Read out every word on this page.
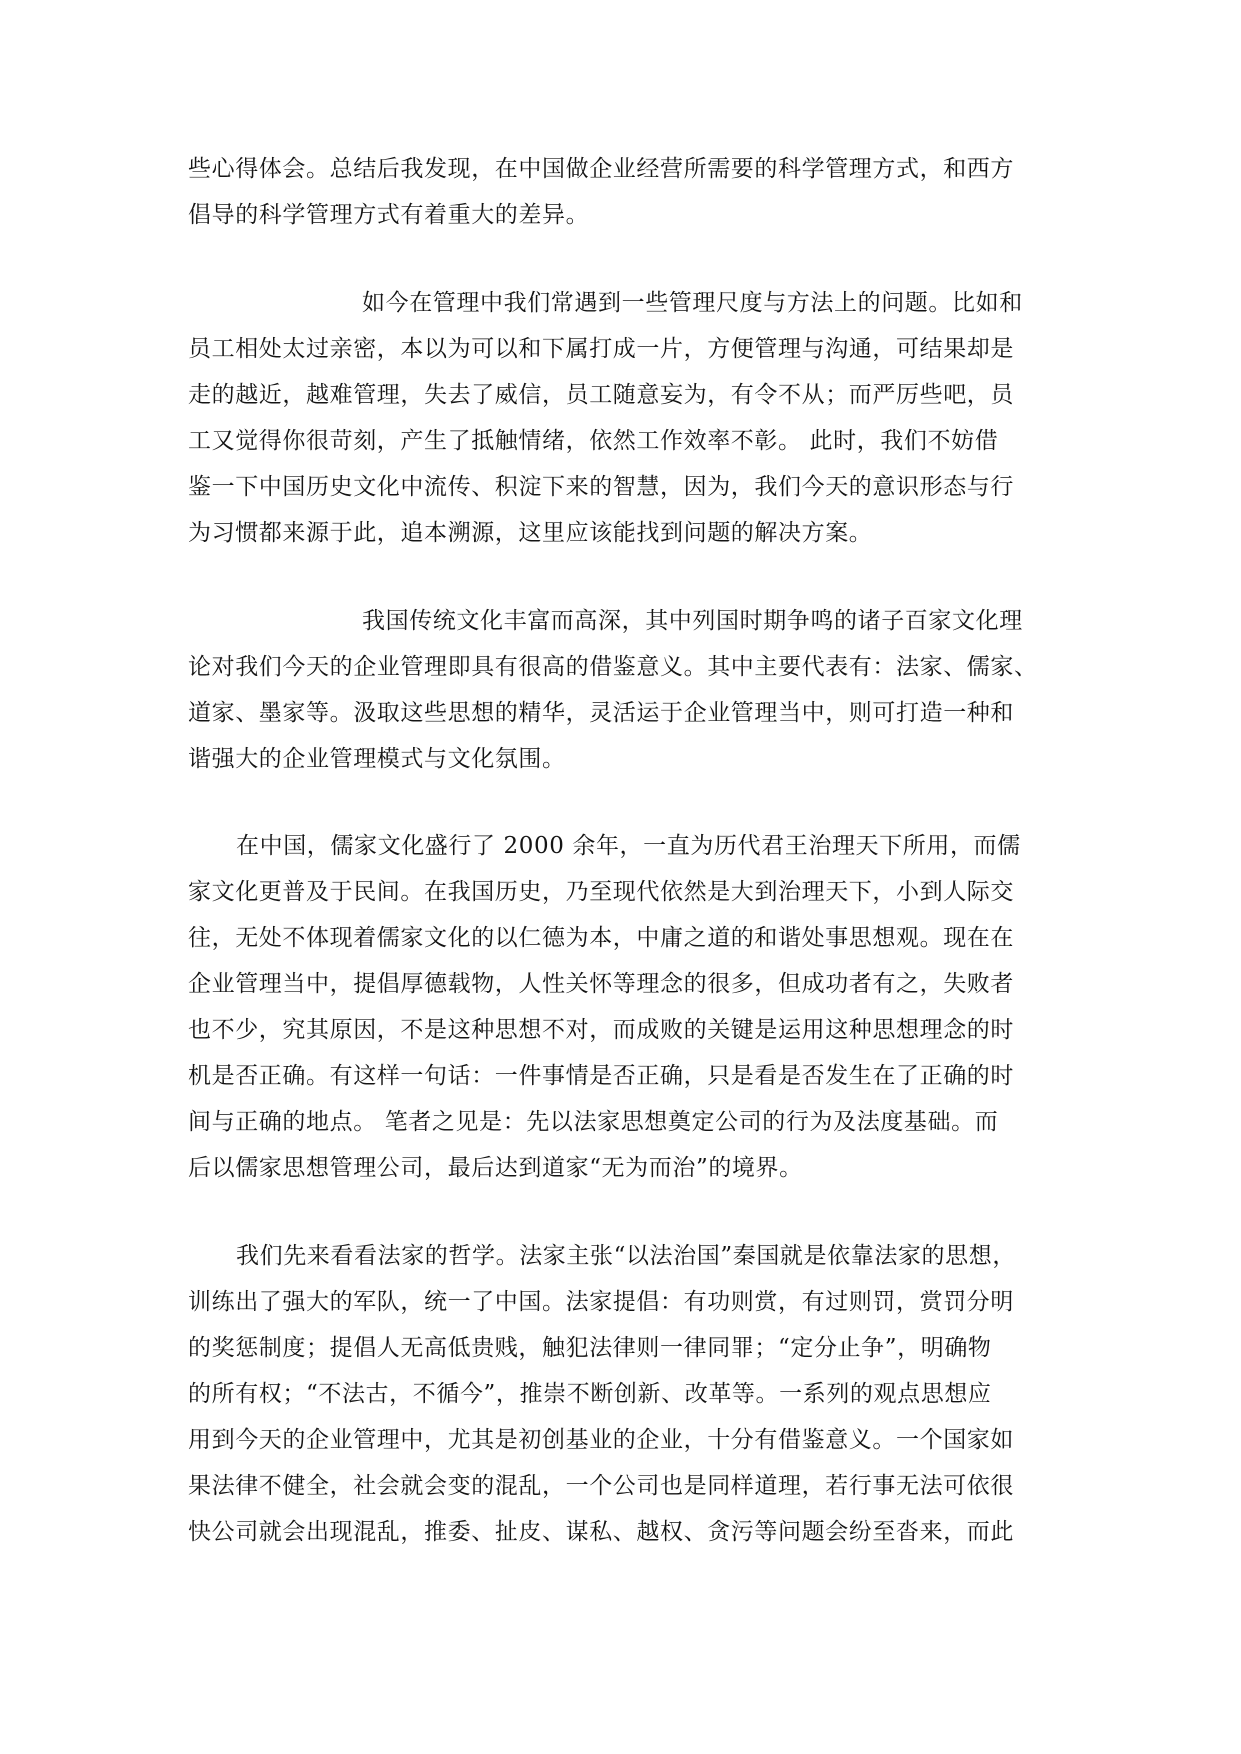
些心得体会。总结后我发现，在中国做企业经营所需要的科学管理方式，和西方
倡导的科学管理方式有着重大的差异。
如今在管理中我们常遇到一些管理尺度与方法上的问题。比如和
员工相处太过亲密，本以为可以和下属打成一片，方便管理与沟通，可结果却是
走的越近，越难管理，失去了威信，员工随意妄为，有令不从；而严厉些吧，员
工又觉得你很苛刻，产生了抵触情绪，依然工作效率不彰。 此时，我们不妨借
鉴一下中国历史文化中流传、积淀下来的智慧，因为，我们今天的意识形态与行
为习惯都来源于此，追本溯源，这里应该能找到问题的解决方案。
我国传统文化丰富而高深，其中列国时期争鸣的诸子百家文化理
论对我们今天的企业管理即具有很高的借鉴意义。其中主要代表有：法家、儒家、
道家、墨家等。汲取这些思想的精华，灵活运于企业管理当中，则可打造一种和
谐强大的企业管理模式与文化氛围。
在中国，儒家文化盛行了 2000 余年，一直为历代君王治理天下所用，而儒
家文化更普及于民间。在我国历史，乃至现代依然是大到治理天下，小到人际交
往，无处不体现着儒家文化的以仁德为本，中庸之道的和谐处事思想观。现在在
企业管理当中，提倡厚德载物，人性关怀等理念的很多，但成功者有之，失败者
也不少，究其原因，不是这种思想不对，而成败的关键是运用这种思想理念的时
机是否正确。有这样一句话：一件事情是否正确，只是看是否发生在了正确的时
间与正确的地点。 笔者之见是：先以法家思想奠定公司的行为及法度基础。而
后以儒家思想管理公司，最后达到道家“无为而治”的境界。
我们先来看看法家的哲学。法家主张“以法治国”秦国就是依靠法家的思想，
训练出了强大的军队，统一了中国。法家提倡：有功则赏，有过则罚，赏罚分明
的奖惩制度；提倡人无高低贵贱，触犯法律则一律同罪；“定分止争”，明确物
的所有权；“不法古，不循今”，推崇不断创新、改革等。一系列的观点思想应
用到今天的企业管理中，尤其是初创基业的企业，十分有借鉴意义。一个国家如
果法律不健全，社会就会变的混乱，一个公司也是同样道理，若行事无法可依很
快公司就会出现混乱，推委、扯皮、谋私、越权、贪污等问题会纷至沓来，而此
